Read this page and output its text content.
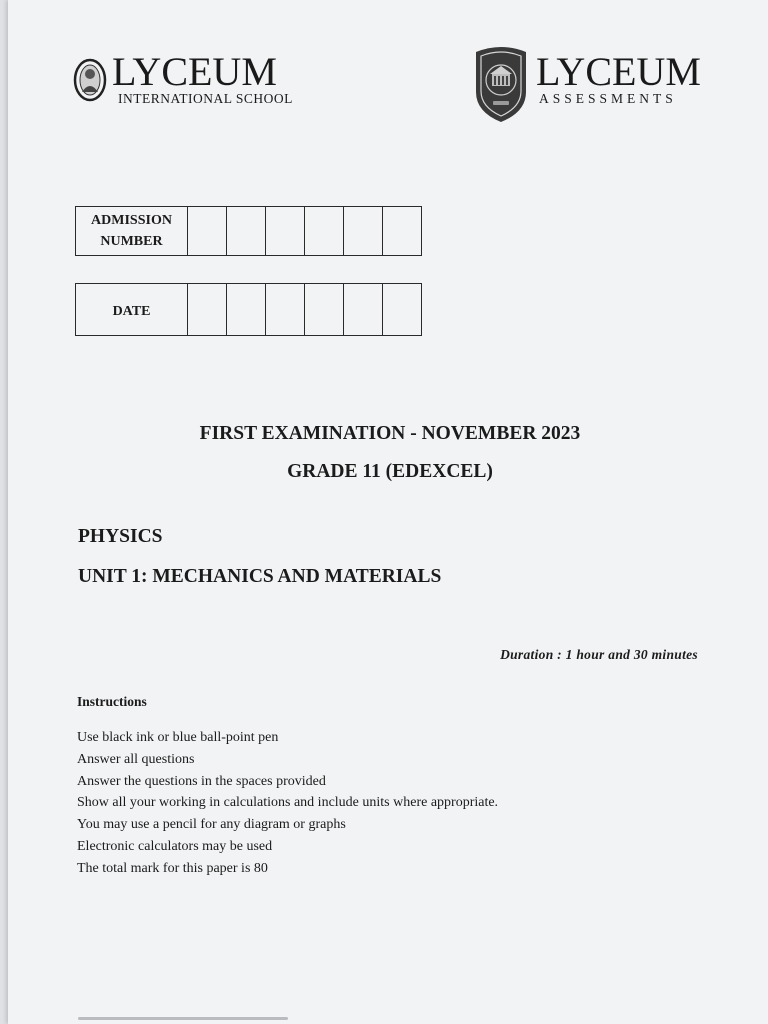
LYCEUM
INTERNATIONAL SCHOOL
LYCEUM
ASSESSMENTS
ADMISSION
NUMBER

DATE						
FIRST EXAMINATION - NOVEMBER 2023
GRADE 11 (EDEXCEL)
PHYSICS
UNIT 1: MECHANICS AND MATERIALS
Duration : 1 hour and 30 minutes
Instructions
Use black ink or blue ball-point pen
Answer all questions
Answer the questions in the spaces provided
Show all your working in calculations and include units where appropriate.
You may use a pencil for any diagram or graphs
Electronic calculators may be used
The total mark for this paper is 80
